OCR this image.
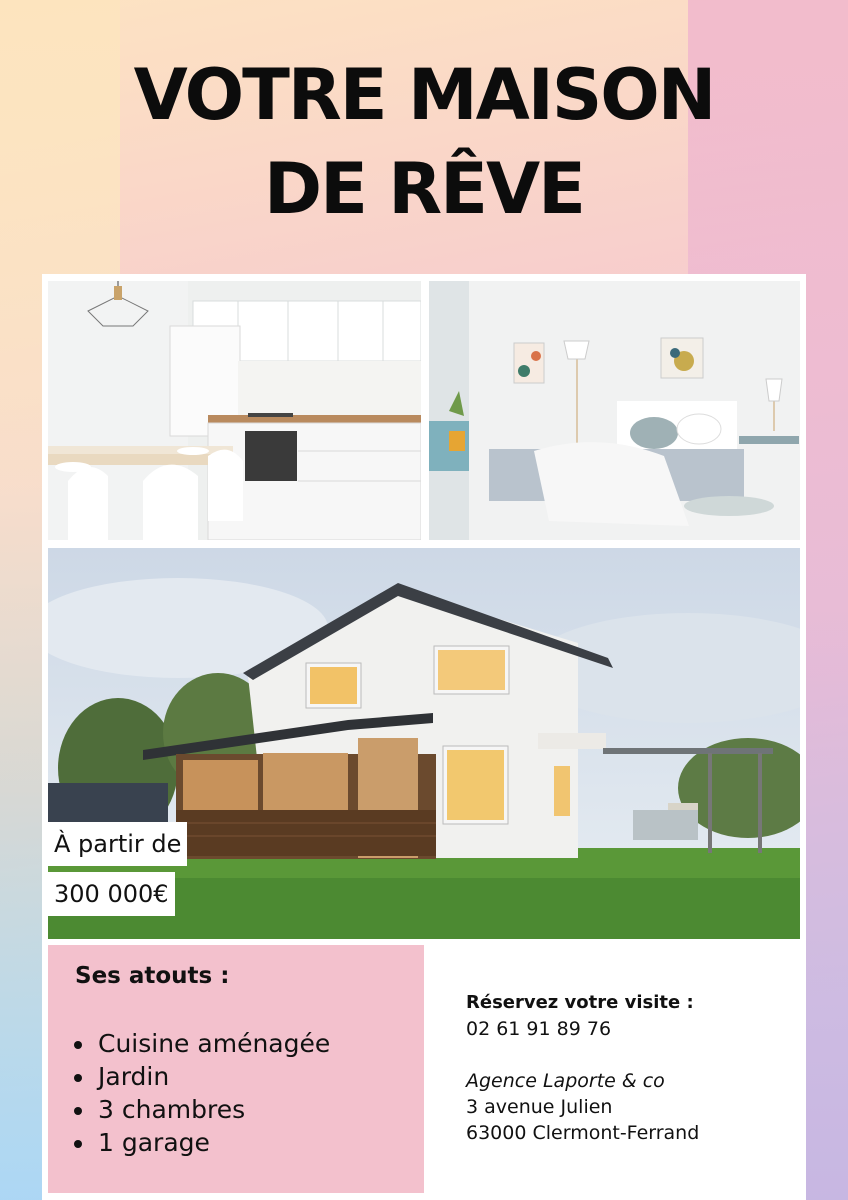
VOTRE MAISON
DE RÊVE
À partir de
300 000€
Ses atouts :
• Cuisine aménagée
• Jardin
• 3 chambres
• 1 garage
Réservez votre visite :
02 61 91 89 76
Agence Laporte & co
3 avenue Julien
63000 Clermont-Ferrand
